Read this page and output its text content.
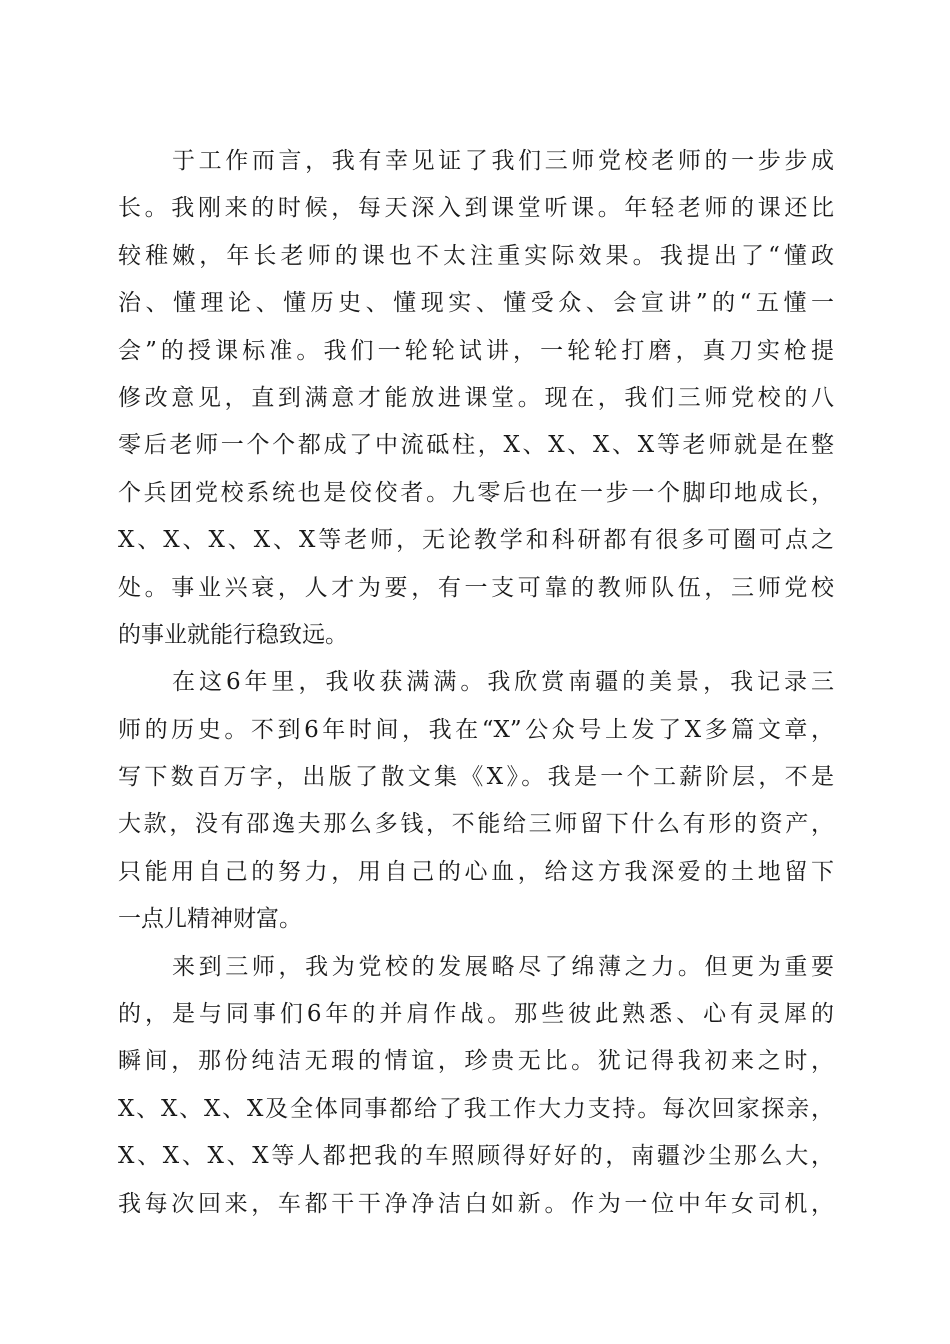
于工作而言，我有幸见证了我们三师党校老师的一步步成
长。我刚来的时候，每天深入到课堂听课。年轻老师的课还比
较稚嫩，年长老师的课也不太注重实际效果。我提出了“懂政
治、懂理论、懂历史、懂现实、懂受众、会宣讲”的“五懂一
会”的授课标准。我们一轮轮试讲，一轮轮打磨，真刀实枪提
修改意见，直到满意才能放进课堂。现在，我们三师党校的八
零后老师一个个都成了中流砥柱，X、X、X、X等老师就是在整
个兵团党校系统也是佼佼者。九零后也在一步一个脚印地成长，
X、X、X、X、X等老师，无论教学和科研都有很多可圈可点之
处。事业兴衰，人才为要，有一支可靠的教师队伍，三师党校
的事业就能行稳致远。
在这6年里，我收获满满。我欣赏南疆的美景，我记录三
师的历史。不到6年时间，我在“X”公众号上发了X多篇文章，
写下数百万字，出版了散文集《X》。我是一个工薪阶层，不是
大款，没有邵逸夫那么多钱，不能给三师留下什么有形的资产，
只能用自己的努力，用自己的心血，给这方我深爱的土地留下
一点儿精神财富。
来到三师，我为党校的发展略尽了绵薄之力。但更为重要
的，是与同事们6年的并肩作战。那些彼此熟悉、心有灵犀的
瞬间，那份纯洁无瑕的情谊，珍贵无比。犹记得我初来之时，
X、X、X、X及全体同事都给了我工作大力支持。每次回家探亲，
X、X、X、X等人都把我的车照顾得好好的，南疆沙尘那么大，
我每次回来，车都干干净净洁白如新。作为一位中年女司机，
